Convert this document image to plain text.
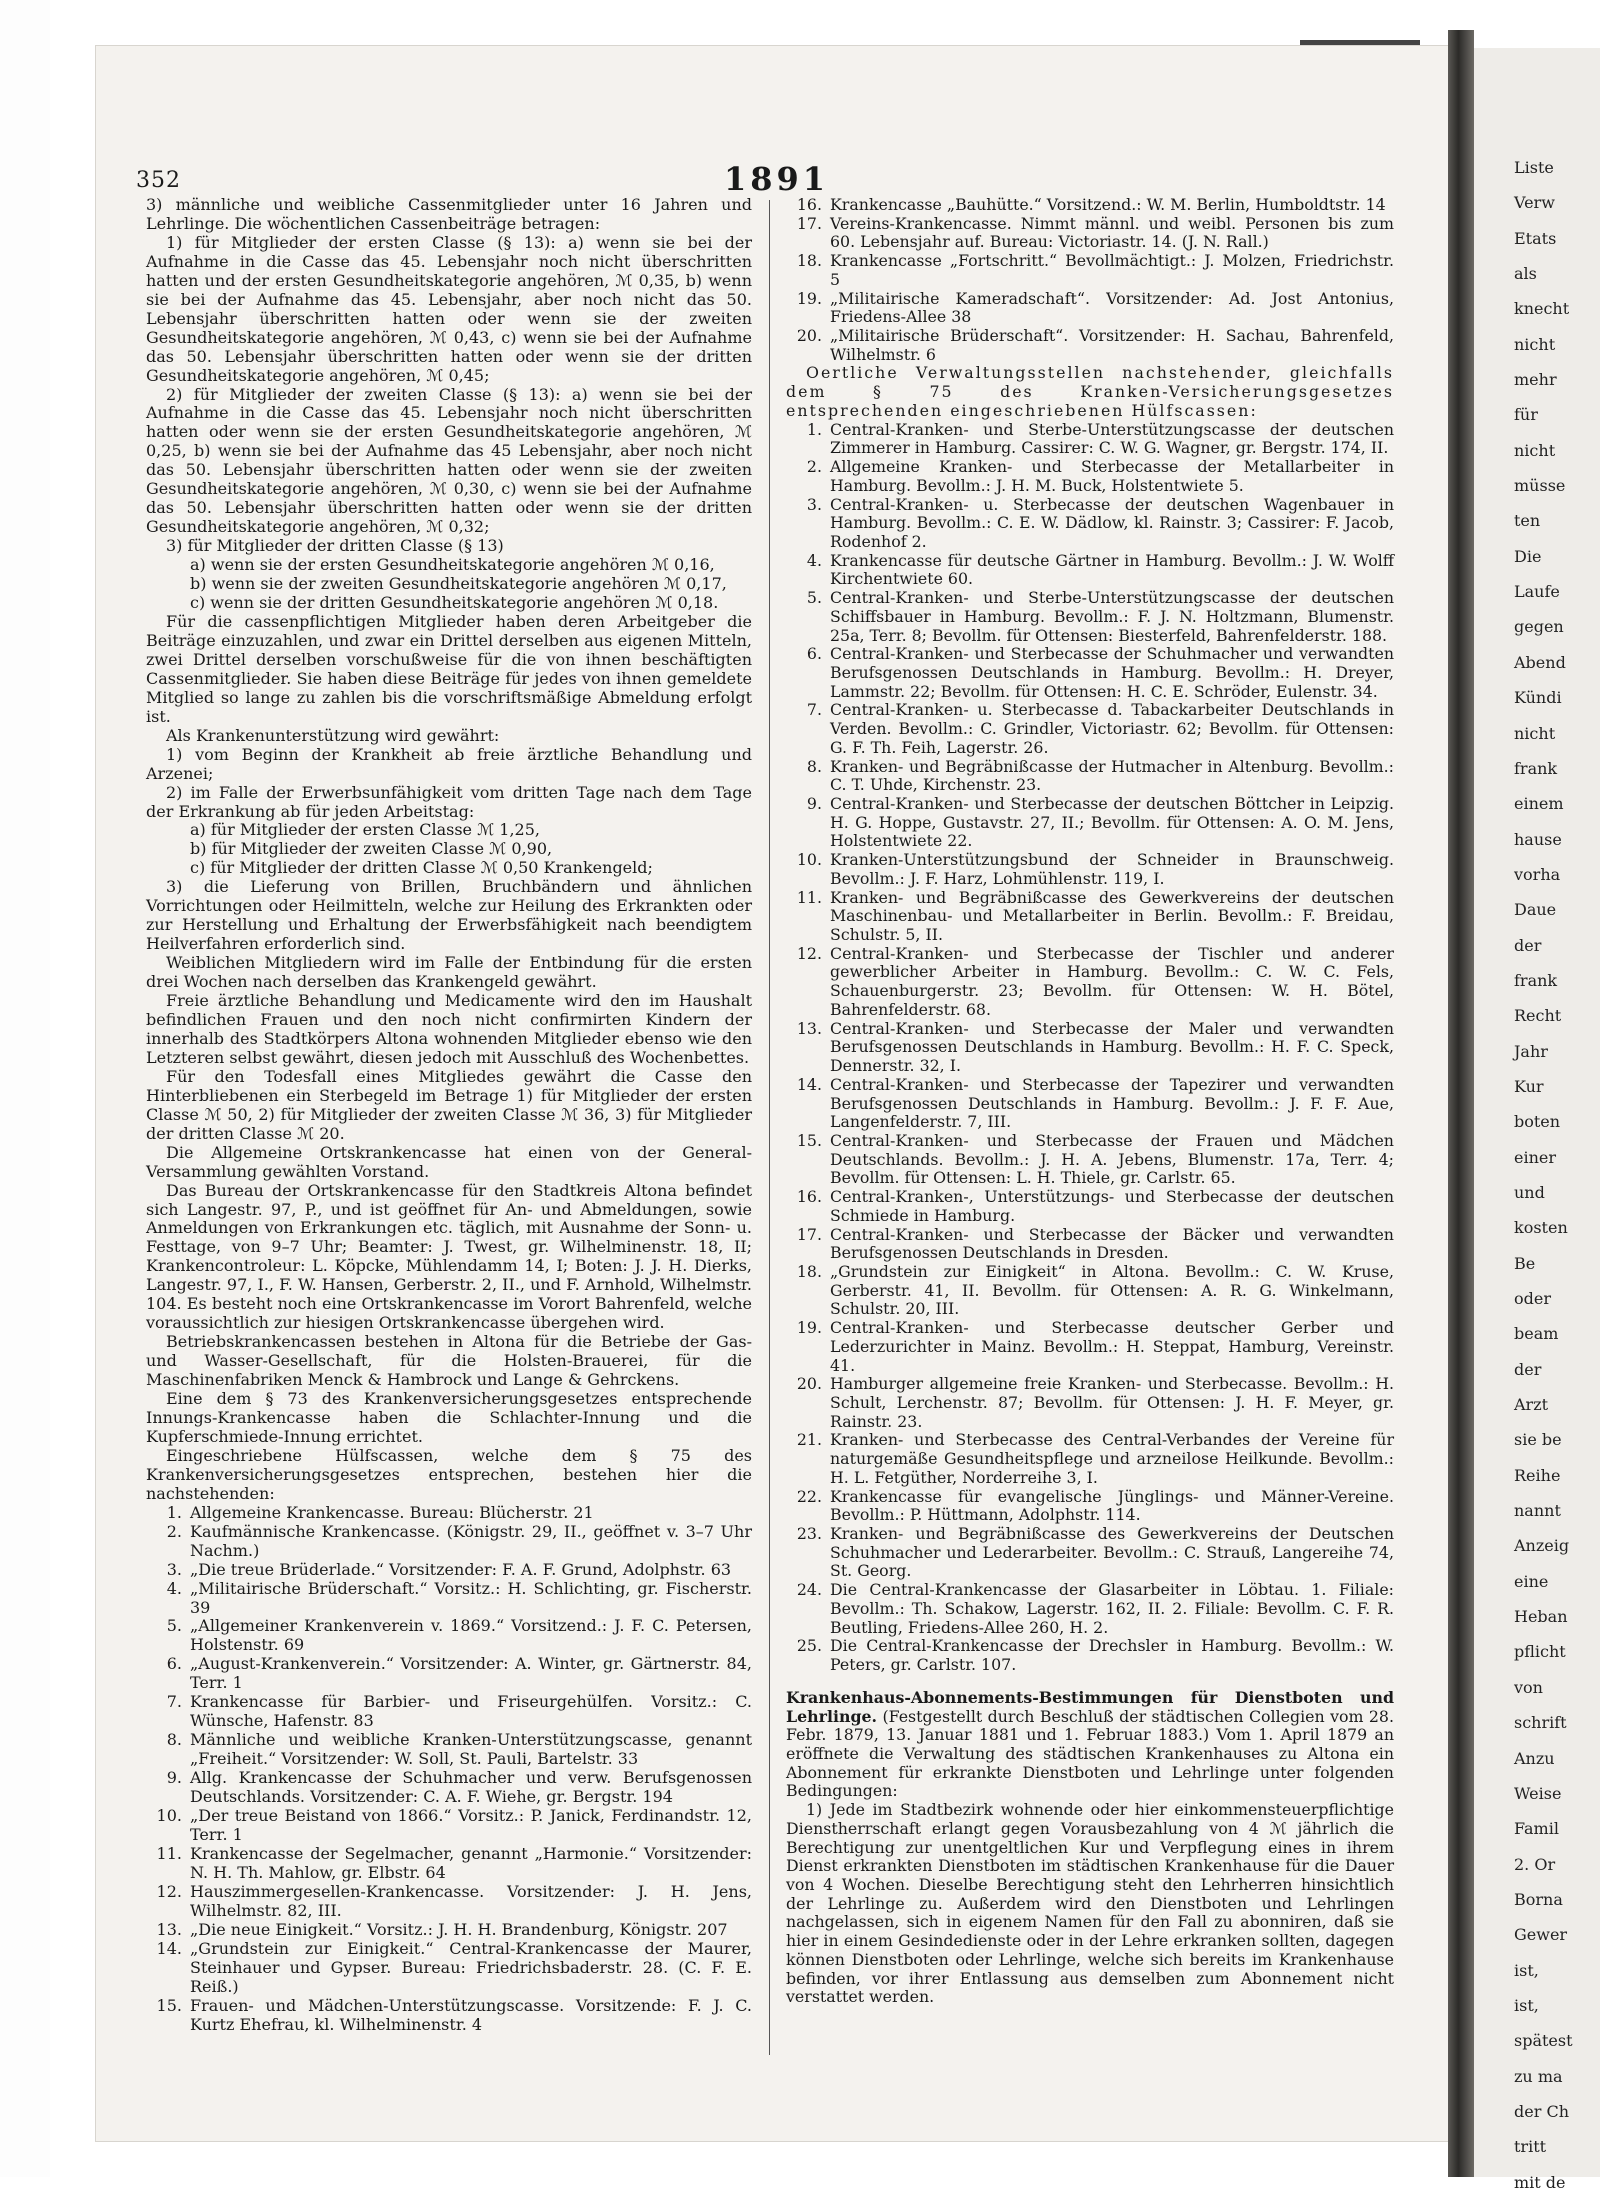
352	1891

3) männliche und weibliche Cassenmitglieder unter 16 Jahren und Lehrlinge. Die wöchentlichen Cassenbeiträge betragen:

1) für Mitglieder der ersten Classe (§ 13): a) wenn sie bei der Aufnahme in die Casse das 45. Lebensjahr noch nicht überschritten hatten und der ersten Gesundheitskategorie angehören, ℳ 0,35, b) wenn sie bei der Aufnahme das 45. Lebensjahr, aber noch nicht das 50. Lebensjahr überschritten hatten oder wenn sie der zweiten Gesundheitskategorie angehören, ℳ 0,43, c) wenn sie bei der Aufnahme das 50. Lebensjahr überschritten hatten oder wenn sie der dritten Gesundheitskategorie angehören, ℳ 0,45;

2) für Mitglieder der zweiten Classe (§ 13): a) wenn sie bei der Aufnahme in die Casse das 45. Lebensjahr noch nicht überschritten hatten oder wenn sie der ersten Gesundheitskategorie angehören, ℳ 0,25, b) wenn sie bei der Aufnahme das 45 Lebensjahr, aber noch nicht das 50. Lebensjahr überschritten hatten oder wenn sie der zweiten Gesundheitskategorie angehören, ℳ 0,30, c) wenn sie bei der Aufnahme das 50. Lebensjahr überschritten hatten oder wenn sie der dritten Gesundheitskategorie angehören, ℳ 0,32;

3) für Mitglieder der dritten Classe (§ 13)

a) wenn sie der ersten Gesundheitskategorie angehören ℳ 0,16,

b) wenn sie der zweiten Gesundheitskategorie angehören ℳ 0,17,

c) wenn sie der dritten Gesundheitskategorie angehören ℳ 0,18.

Für die cassenpflichtigen Mitglieder haben deren Arbeitgeber die Beiträge einzuzahlen, und zwar ein Drittel derselben aus eigenen Mitteln, zwei Drittel derselben vorschußweise für die von ihnen beschäftigten Cassenmitglieder. Sie haben diese Beiträge für jedes von ihnen gemeldete Mitglied so lange zu zahlen bis die vorschriftsmäßige Abmeldung erfolgt ist.

Als Krankenunterstützung wird gewährt:

1) vom Beginn der Krankheit ab freie ärztliche Behandlung und Arzenei;

2) im Falle der Erwerbsunfähigkeit vom dritten Tage nach dem Tage der Erkrankung ab für jeden Arbeitstag:

a) für Mitglieder der ersten Classe ℳ 1,25,

b) für Mitglieder der zweiten Classe ℳ 0,90,

c) für Mitglieder der dritten Classe ℳ 0,50 Krankengeld;

3) die Lieferung von Brillen, Bruchbändern und ähnlichen Vorrichtungen oder Heilmitteln, welche zur Heilung des Erkrankten oder zur Herstellung und Erhaltung der Erwerbsfähigkeit nach beendigtem Heilverfahren erforderlich sind.

Weiblichen Mitgliedern wird im Falle der Entbindung für die ersten drei Wochen nach derselben das Krankengeld gewährt.

Freie ärztliche Behandlung und Medicamente wird den im Haushalt befindlichen Frauen und den noch nicht confirmirten Kindern der innerhalb des Stadtkörpers Altona wohnenden Mitglieder ebenso wie den Letzteren selbst gewährt, diesen jedoch mit Ausschluß des Wochenbettes.

Für den Todesfall eines Mitgliedes gewährt die Casse den Hinterbliebenen ein Sterbegeld im Betrage 1) für Mitglieder der ersten Classe ℳ 50, 2) für Mitglieder der zweiten Classe ℳ 36, 3) für Mitglieder der dritten Classe ℳ 20.

Die Allgemeine Ortskrankencasse hat einen von der General-Versammlung gewählten Vorstand.

Das Bureau der Ortskrankencasse für den Stadtkreis Altona befindet sich Langestr. 97, P., und ist geöffnet für An- und Abmeldungen, sowie Anmeldungen von Erkrankungen etc. täglich, mit Ausnahme der Sonn- u. Festtage, von 9–7 Uhr; Beamter: J. Twest, gr. Wilhelminenstr. 18, II; Krankencontroleur: L. Köpcke, Mühlendamm 14, I; Boten: J. J. H. Dierks, Langestr. 97, I., F. W. Hansen, Gerberstr. 2, II., und F. Arnhold, Wilhelmstr. 104. Es besteht noch eine Ortskrankencasse im Vorort Bahrenfeld, welche voraussichtlich zur hiesigen Ortskrankencasse übergehen wird.

Betriebskrankencassen bestehen in Altona für die Betriebe der Gas- und Wasser-Gesellschaft, für die Holsten-Brauerei, für die Maschinenfabriken Menck & Hambrock und Lange & Gehrckens.

Eine dem § 73 des Krankenversicherungsgesetzes entsprechende Innungs-Krankencasse haben die Schlachter-Innung und die Kupferschmiede-Innung errichtet.

Eingeschriebene Hülfscassen, welche dem § 75 des Krankenversicherungsgesetzes entsprechen, bestehen hier die nachstehenden:

1. Allgemeine Krankencasse. Bureau: Blücherstr. 21
2. Kaufmännische Krankencasse. (Königstr. 29, II., geöffnet v. 3–7 Uhr Nachm.)
3. „Die treue Brüderlade.“ Vorsitzender: F. A. F. Grund, Adolphstr. 63
4. „Militairische Brüderschaft.“ Vorsitz.: H. Schlichting, gr. Fischerstr. 39
5. „Allgemeiner Krankenverein v. 1869.“ Vorsitzend.: J. F. C. Petersen, Holstenstr. 69
6. „August-Krankenverein.“ Vorsitzender: A. Winter, gr. Gärtnerstr. 84, Terr. 1
7. Krankencasse für Barbier- und Friseurgehülfen. Vorsitz.: C. Wünsche, Hafenstr. 83
8. Männliche und weibliche Kranken-Unterstützungscasse, genannt „Freiheit.“ Vorsitzender: W. Soll, St. Pauli, Bartelstr. 33
9. Allg. Krankencasse der Schuhmacher und verw. Berufsgenossen Deutschlands. Vorsitzender: C. A. F. Wiehe, gr. Bergstr. 194
10. „Der treue Beistand von 1866.“ Vorsitz.: P. Janick, Ferdinandstr. 12, Terr. 1
11. Krankencasse der Segelmacher, genannt „Harmonie.“ Vorsitzender: N. H. Th. Mahlow, gr. Elbstr. 64
12. Hauszimmergesellen-Krankencasse. Vorsitzender: J. H. Jens, Wilhelmstr. 82, III.
13. „Die neue Einigkeit.“ Vorsitz.: J. H. H. Brandenburg, Königstr. 207
14. „Grundstein zur Einigkeit.“ Central-Krankencasse der Maurer, Steinhauer und Gypser. Bureau: Friedrichsbaderstr. 28. (C. F. E. Reiß.)
15. Frauen- und Mädchen-Unterstützungscasse. Vorsitzende: F. J. C. Kurtz Ehefrau, kl. Wilhelminenstr. 4
16. Krankencasse „Bauhütte.“ Vorsitzend.: W. M. Berlin, Humboldtstr. 14
17. Vereins-Krankencasse. Nimmt männl. und weibl. Personen bis zum 60. Lebensjahr auf. Bureau: Victoriastr. 14. (J. N. Rall.)
18. Krankencasse „Fortschritt.“ Bevollmächtigt.: J. Molzen, Friedrichstr. 5
19. „Militairische Kameradschaft“. Vorsitzender: Ad. Jost Antonius, Friedens-Allee 38
20. „Militairische Brüderschaft“. Vorsitzender: H. Sachau, Bahrenfeld, Wilhelmstr. 6

Oertliche Verwaltungsstellen nachstehender, gleichfalls dem § 75 des Kranken-Versicherungsgesetzes entsprechenden eingeschriebenen Hülfscassen:

1. Central-Kranken- und Sterbe-Unterstützungscasse der deutschen Zimmerer in Hamburg. Cassirer: C. W. G. Wagner, gr. Bergstr. 174, II.
2. Allgemeine Kranken- und Sterbecasse der Metallarbeiter in Hamburg. Bevollm.: J. H. M. Buck, Holstentwiete 5.
3. Central-Kranken- u. Sterbecasse der deutschen Wagenbauer in Hamburg. Bevollm.: C. E. W. Dädlow, kl. Rainstr. 3; Cassirer: F. Jacob, Rodenhof 2.
4. Krankencasse für deutsche Gärtner in Hamburg. Bevollm.: J. W. Wolff Kirchentwiete 60.
5. Central-Kranken- und Sterbe-Unterstützungscasse der deutschen Schiffsbauer in Hamburg. Bevollm.: F. J. N. Holtzmann, Blumenstr. 25a, Terr. 8; Bevollm. für Ottensen: Biesterfeld, Bahrenfelderstr. 188.
6. Central-Kranken- und Sterbecasse der Schuhmacher und verwandten Berufsgenossen Deutschlands in Hamburg. Bevollm.: H. Dreyer, Lammstr. 22; Bevollm. für Ottensen: H. C. E. Schröder, Eulenstr. 34.
7. Central-Kranken- u. Sterbecasse d. Tabackarbeiter Deutschlands in Verden. Bevollm.: C. Grindler, Victoriastr. 62; Bevollm. für Ottensen: G. F. Th. Feih, Lagerstr. 26.
8. Kranken- und Begräbnißcasse der Hutmacher in Altenburg. Bevollm.: C. T. Uhde, Kirchenstr. 23.
9. Central-Kranken- und Sterbecasse der deutschen Böttcher in Leipzig. H. G. Hoppe, Gustavstr. 27, II.; Bevollm. für Ottensen: A. O. M. Jens, Holstentwiete 22.
10. Kranken-Unterstützungsbund der Schneider in Braunschweig. Bevollm.: J. F. Harz, Lohmühlenstr. 119, I.
11. Kranken- und Begräbnißcasse des Gewerkvereins der deutschen Maschinenbau- und Metallarbeiter in Berlin. Bevollm.: F. Breidau, Schulstr. 5, II.
12. Central-Kranken- und Sterbecasse der Tischler und anderer gewerblicher Arbeiter in Hamburg. Bevollm.: C. W. C. Fels, Schauenburgerstr. 23; Bevollm. für Ottensen: W. H. Bötel, Bahrenfelderstr. 68.
13. Central-Kranken- und Sterbecasse der Maler und verwandten Berufsgenossen Deutschlands in Hamburg. Bevollm.: H. F. C. Speck, Dennerstr. 32, I.
14. Central-Kranken- und Sterbecasse der Tapezirer und verwandten Berufsgenossen Deutschlands in Hamburg. Bevollm.: J. F. F. Aue, Langenfelderstr. 7, III.
15. Central-Kranken- und Sterbecasse der Frauen und Mädchen Deutschlands. Bevollm.: J. H. A. Jebens, Blumenstr. 17a, Terr. 4; Bevollm. für Ottensen: L. H. Thiele, gr. Carlstr. 65.
16. Central-Kranken-, Unterstützungs- und Sterbecasse der deutschen Schmiede in Hamburg.
17. Central-Kranken- und Sterbecasse der Bäcker und verwandten Berufsgenossen Deutschlands in Dresden.
18. „Grundstein zur Einigkeit“ in Altona. Bevollm.: C. W. Kruse, Gerberstr. 41, II. Bevollm. für Ottensen: A. R. G. Winkelmann, Schulstr. 20, III.
19. Central-Kranken- und Sterbecasse deutscher Gerber und Lederzurichter in Mainz. Bevollm.: H. Steppat, Hamburg, Vereinstr. 41.
20. Hamburger allgemeine freie Kranken- und Sterbecasse. Bevollm.: H. Schult, Lerchenstr. 87; Bevollm. für Ottensen: J. H. F. Meyer, gr. Rainstr. 23.
21. Kranken- und Sterbecasse des Central-Verbandes der Vereine für naturgemäße Gesundheitspflege und arzneilose Heilkunde. Bevollm.: H. L. Fetgüther, Norderreihe 3, I.
22. Krankencasse für evangelische Jünglings- und Männer-Vereine. Bevollm.: P. Hüttmann, Adolphstr. 114.
23. Kranken- und Begräbnißcasse des Gewerkvereins der Deutschen Schuhmacher und Lederarbeiter. Bevollm.: C. Strauß, Langereihe 74, St. Georg.
24. Die Central-Krankencasse der Glasarbeiter in Löbtau. 1. Filiale: Bevollm.: Th. Schakow, Lagerstr. 162, II. 2. Filiale: Bevollm. C. F. R. Beutling, Friedens-Allee 260, H. 2.
25. Die Central-Krankencasse der Drechsler in Hamburg. Bevollm.: W. Peters, gr. Carlstr. 107.

Krankenhaus-Abonnements-Bestimmungen für Dienstboten und Lehrlinge. (Festgestellt durch Beschluß der städtischen Collegien vom 28. Febr. 1879, 13. Januar 1881 und 1. Februar 1883.) Vom 1. April 1879 an eröffnete die Verwaltung des städtischen Krankenhauses zu Altona ein Abonnement für erkrankte Dienstboten und Lehrlinge unter folgenden Bedingungen:

1) Jede im Stadtbezirk wohnende oder hier einkommensteuerpflichtige Dienstherrschaft erlangt gegen Vorausbezahlung von 4 ℳ jährlich die Berechtigung zur unentgeltlichen Kur und Verpflegung eines in ihrem Dienst erkrankten Dienstboten im städtischen Krankenhause für die Dauer von 4 Wochen. Dieselbe Berechtigung steht den Lehrherren hinsichtlich der Lehrlinge zu. Außerdem wird den Dienstboten und Lehrlingen nachgelassen, sich in eigenem Namen für den Fall zu abonniren, daß sie hier in einem Gesindedienste oder in der Lehre erkranken sollten, dagegen können Dienstboten oder Lehrlinge, welche sich bereits im Krankenhause befinden, vor ihrer Entlassung aus demselben zum Abonnement nicht verstattet werden.

Liste
Verw
Etats
als
knecht
nicht
mehr
für
nicht
müsse
ten
Die
Laufe
gegen
Abend
Kündi
nicht
frank
einem
hause
vorha
Daue
der
frank
Recht
Jahr
Kur
boten
einer
und
kosten
Be
oder
beam
der
Arzt
sie be
Reihe
nannt
Anzeig
eine
Heban
pflicht
von
schrift
Anzu
Weise
Famil
2. Or
Borna
Gewer
ist,
ist,
spätest
zu ma
der Ch
tritt
mit de
